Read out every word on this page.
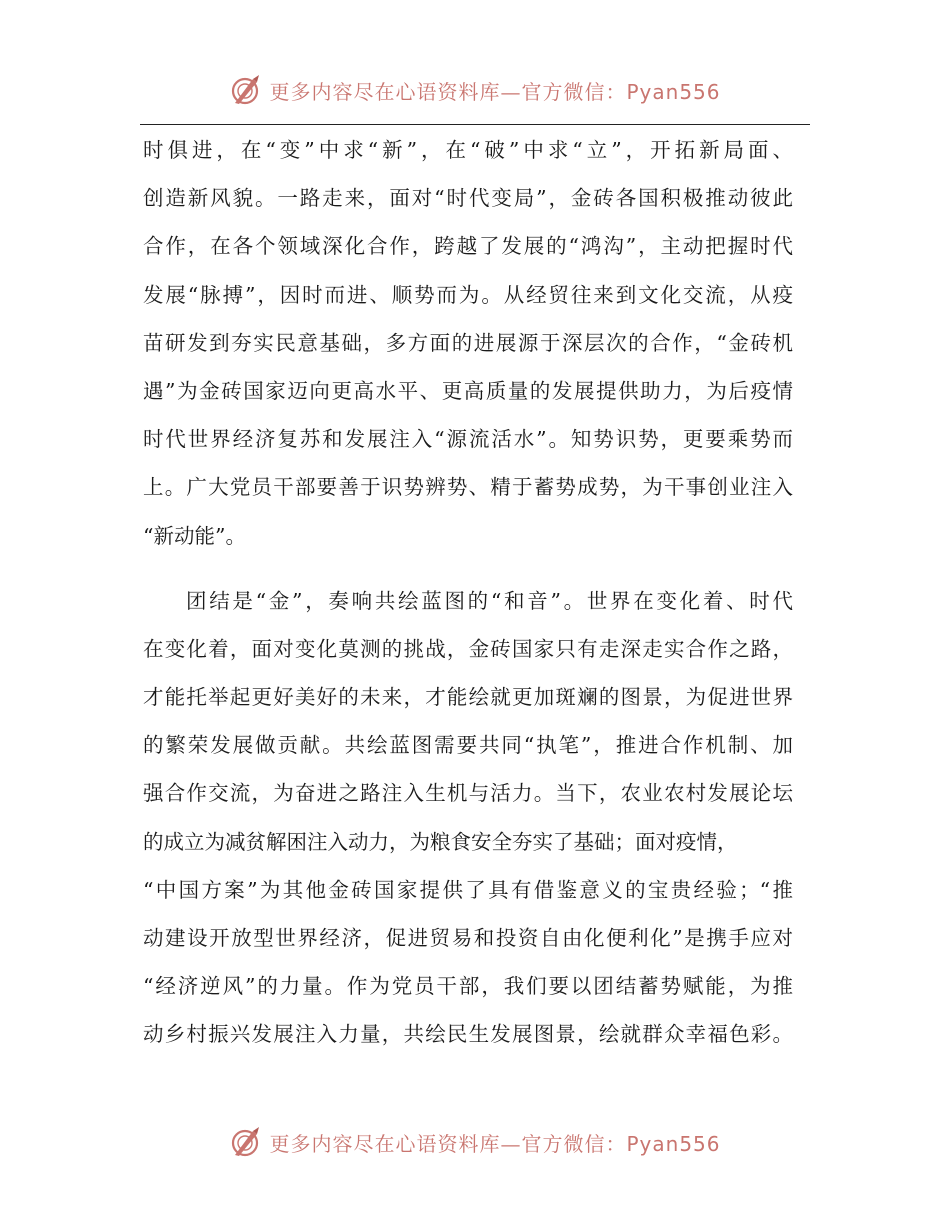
更多内容尽在心语资料库—官方微信：Pyan556
时俱进，在“变”中求“新”，在“破”中求“立”，开拓新局面、
创造新风貌。一路走来，面对“时代变局”，金砖各国积极推动彼此
合作，在各个领域深化合作，跨越了发展的“鸿沟”，主动把握时代
发展“脉搏”，因时而进、顺势而为。从经贸往来到文化交流，从疫
苗研发到夯实民意基础，多方面的进展源于深层次的合作，“金砖机
遇”为金砖国家迈向更高水平、更高质量的发展提供助力，为后疫情
时代世界经济复苏和发展注入“源流活水”。知势识势，更要乘势而
上。广大党员干部要善于识势辨势、精于蓄势成势，为干事创业注入
“新动能”。
团结是“金”，奏响共绘蓝图的“和音”。世界在变化着、时代
在变化着，面对变化莫测的挑战，金砖国家只有走深走实合作之路，
才能托举起更好美好的未来，才能绘就更加斑斓的图景，为促进世界
的繁荣发展做贡献。共绘蓝图需要共同“执笔”，推进合作机制、加
强合作交流，为奋进之路注入生机与活力。当下，农业农村发展论坛
的成立为减贫解困注入动力，为粮食安全夯实了基础；面对疫情，
“中国方案”为其他金砖国家提供了具有借鉴意义的宝贵经验；“推
动建设开放型世界经济，促进贸易和投资自由化便利化”是携手应对
“经济逆风”的力量。作为党员干部，我们要以团结蓄势赋能，为推
动乡村振兴发展注入力量，共绘民生发展图景，绘就群众幸福色彩。
更多内容尽在心语资料库—官方微信：Pyan556
